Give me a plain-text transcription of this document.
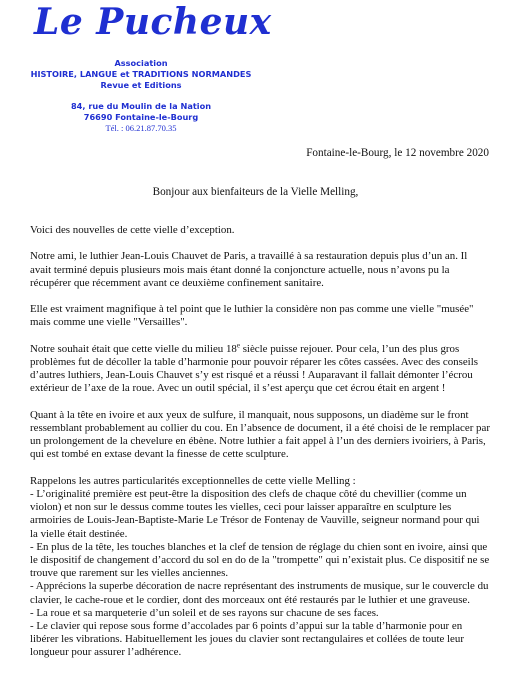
Le Pucheux
Association
HISTOIRE, LANGUE et TRADITIONS NORMANDES
Revue et Editions
84, rue du Moulin de la Nation
76690 Fontaine-le-Bourg
Tél. : 06.21.87.70.35
Fontaine-le-Bourg, le 12 novembre 2020
Bonjour aux bienfaiteurs de la Vielle Melling,

Voici des nouvelles de cette vielle d’exception.

Notre ami, le luthier Jean-Louis Chauvet de Paris, a travaillé à sa restauration depuis plus d’un an. Il avait terminé depuis plusieurs mois mais étant donné la conjoncture actuelle, nous n’avons pu la récupérer que récemment avant ce deuxième confinement sanitaire.

Elle est vraiment magnifique à tel point que le luthier la considère non pas comme une vielle "musée" mais comme une vielle "Versailles".

Notre souhait était que cette vielle du milieu 18e siècle puisse rejouer. Pour cela, l’un des plus gros problèmes fut de décoller la table d’harmonie pour pouvoir réparer les côtes cassées. Avec des conseils d’autres luthiers, Jean-Louis Chauvet s’y est risqué et a réussi ! Auparavant il fallait démonter l’écrou extérieur de l’axe de la roue. Avec un outil spécial, il s’est aperçu que cet écrou était en argent !

Quant à la tête en ivoire et aux yeux de sulfure, il manquait, nous supposons, un diadème sur le front ressemblant probablement au collier du cou. En l’absence de document, il a été choisi de le remplacer par un prolongement de la chevelure en ébène. Notre luthier a fait appel à l’un des derniers ivoiriers, à Paris, qui est tombé en extase devant la finesse de cette sculpture.

Rappelons les autres particularités exceptionnelles de cette vielle Melling :

- L’originalité première est peut-être la disposition des clefs de chaque côté du chevillier (comme un violon) et non sur le dessus comme toutes les vielles, ceci pour laisser apparaître en sculpture les armoiries de Louis-Jean-Baptiste-Marie Le Trésor de Fontenay de Vauville, seigneur normand pour qui la vielle était destinée.

- En plus de la tête, les touches blanches et la clef de tension de réglage du chien sont en ivoire, ainsi que le dispositif de changement d’accord du sol en do de la "trompette" qui n’existait plus. Ce dispositif ne se trouve que rarement sur les vielles anciennes.

- Apprécions la superbe décoration de nacre représentant des instruments de musique, sur le couvercle du clavier, le cache-roue et le cordier, dont des morceaux ont été restaurés par le luthier et une graveuse.

- La roue et sa marqueterie d’un soleil et de ses rayons sur chacune de ses faces.

- Le clavier qui repose sous forme d’accolades par 6 points d’appui sur la table d’harmonie pour en libérer les vibrations. Habituellement les joues du clavier sont rectangulaires et collées de toute leur longueur pour assurer l’adhérence.
